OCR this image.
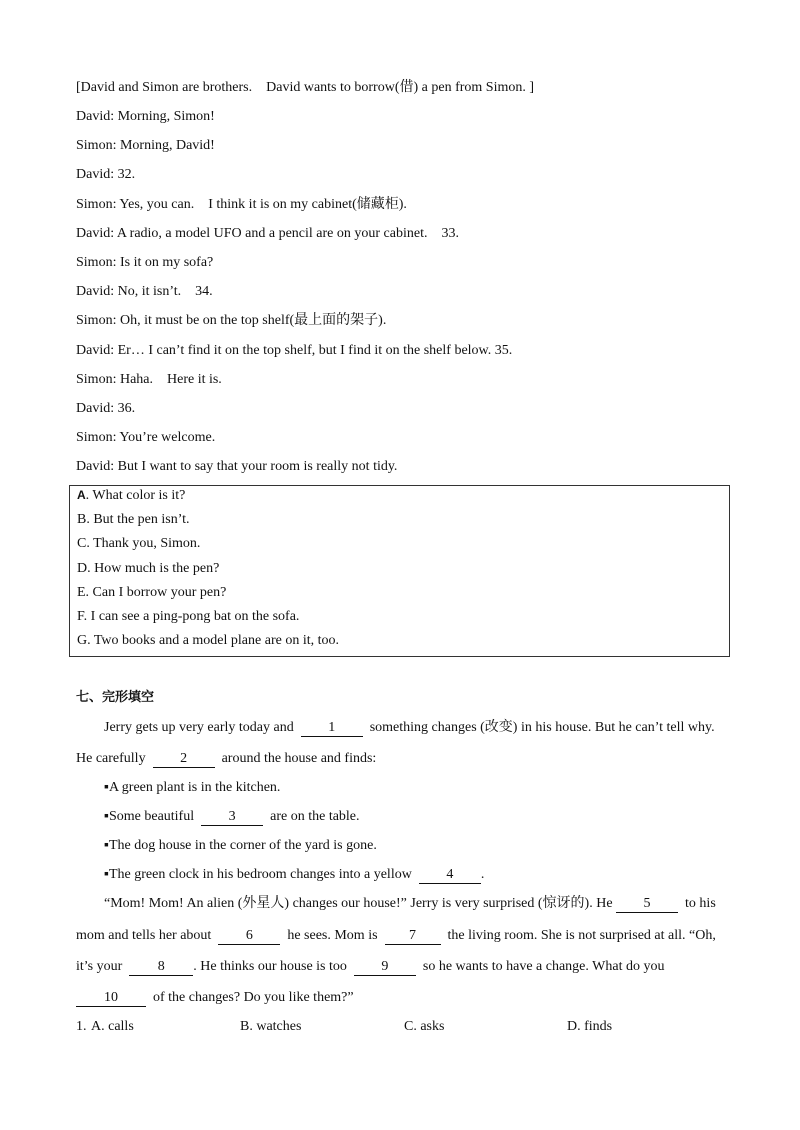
[David and Simon are brothers.    David wants to borrow(借) a pen from Simon. ]

David: Morning, Simon!

Simon: Morning, David!

David: 32.

Simon: Yes, you can.    I think it is on my cabinet(储藏柜).

David: A radio, a model UFO and a pencil are on your cabinet.    33.

Simon: Is it on my sofa?

David: No, it isn’t.    34.

Simon: Oh, it must be on the top shelf(最上面的架子).

David: Er… I can’t find it on the top shelf, but I find it on the shelf below. 35.

Simon: Haha.    Here it is.

David: 36.

Simon: You’re welcome.

David: But I want to say that your room is really not tidy.

A. What color is it?

B. But the pen isn’t.

C. Thank you, Simon.

D. How much is the pen?

E. Can I borrow your pen?

F. I can see a ping-pong bat on the sofa.

G. Two books and a model plane are on it, too.

七、完形填空

Jerry gets up very early today and 1 something changes (改变) in his house. But he can’t tell why.

He carefully 2 around the house and finds:

▪A green plant is in the kitchen.

▪Some beautiful 3 are on the table.

▪The dog house in the corner of the yard is gone.

▪The green clock in his bedroom changes into a yellow 4 .

“Mom! Mom! An alien (外星人) changes our house!” Jerry is very surprised (惊讶的). He 5 to his

mom and tells her about 6 he sees. Mom is 7 the living room. She is not surprised at all. “Oh,

it’s your	8 . He thinks our house is too 9 so he wants to have a change. What do you

10	of the changes? Do you like them?”

1. A. calls	B. watches	C. asks	D. finds
